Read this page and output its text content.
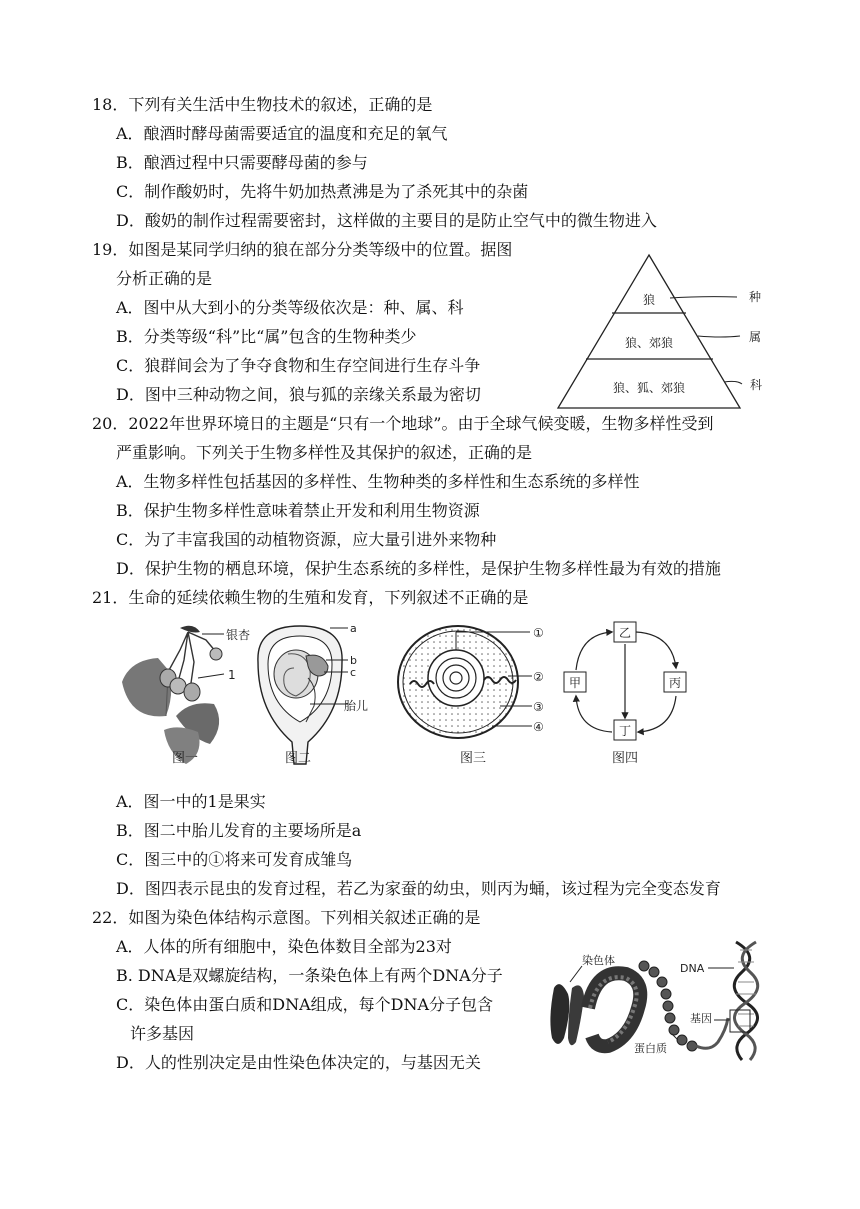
18．下列有关生活中生物技术的叙述，正确的是
A．酿酒时酵母菌需要适宜的温度和充足的氧气
B．酿酒过程中只需要酵母菌的参与
C．制作酸奶时，先将牛奶加热煮沸是为了杀死其中的杂菌
D．酸奶的制作过程需要密封，这样做的主要目的是防止空气中的微生物进入
19．如图是某同学归纳的狼在部分分类等级中的位置。据图
分析正确的是
A．图中从大到小的分类等级依次是：种、属、科
B．分类等级“科”比“属”包含的生物种类少
C．狼群间会为了争夺食物和生存空间进行生存斗争
D．图中三种动物之间，狼与狐的亲缘关系最为密切
狼
狼、郊狼
狼、狐、郊狼
种
属
科
20．2022年世界环境日的主题是“只有一个地球”。由于全球气候变暖，生物多样性受到
严重影响。下列关于生物多样性及其保护的叙述，正确的是
A．生物多样性包括基因的多样性、生物种类的多样性和生态系统的多样性
B．保护生物多样性意味着禁止开发和利用生物资源
C．为了丰富我国的动植物资源，应大量引进外来物种
D．保护生物的栖息环境，保护生态系统的多样性，是保护生物多样性最为有效的措施
21．生命的延续依赖生物的生殖和发育，下列叙述不正确的是
银杏
1
图一
a
b
c
胎儿
图二
①
②
③
④
图三
乙
甲	丙
丁
图四
A．图一中的1是果实
B．图二中胎儿发育的主要场所是a
C．图三中的①将来可发育成雏鸟
D．图四表示昆虫的发育过程，若乙为家蚕的幼虫，则丙为蛹，该过程为完全变态发育
22．如图为染色体结构示意图。下列相关叙述正确的是
A．人体的所有细胞中，染色体数目全部为23对
B. DNA是双螺旋结构，一条染色体上有两个DNA分子
C．染色体由蛋白质和DNA组成，每个DNA分子包含
许多基因
D．人的性别决定是由性染色体决定的，与基因无关
染色体
DNA
基因
蛋白质
